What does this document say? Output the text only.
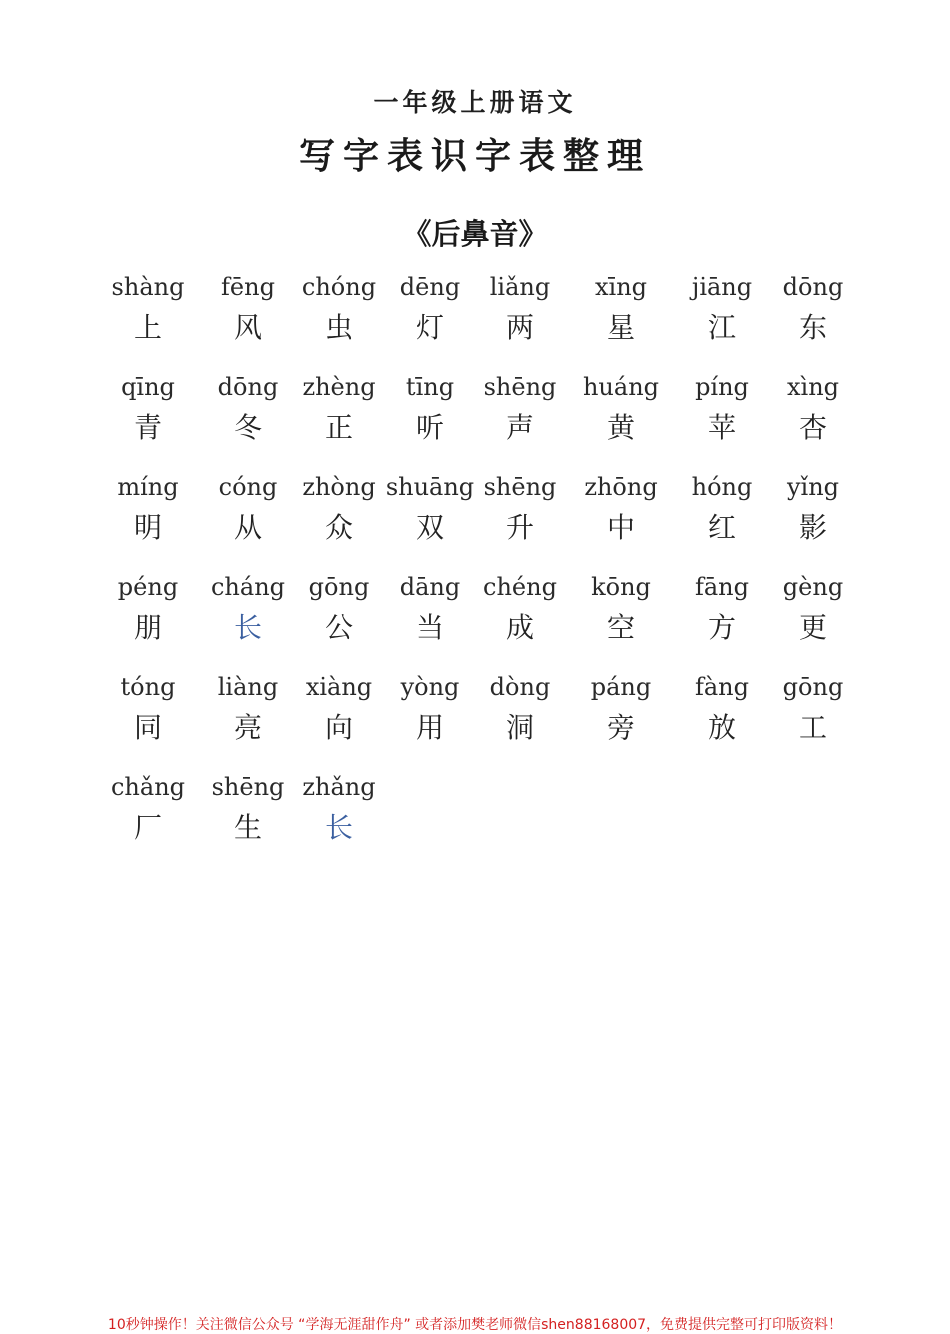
一年级上册语文
写字表识字表整理
《后鼻音》
shàng
上
fēng
风
chóng
虫
dēng
灯
liǎng
两
xīng
星
jiāng
江
dōng
东
qīng
青
dōng
冬
zhèng
正
tīng
听
shēng
声
huáng
黄
píng
苹
xìng
杏
míng
明
cóng
从
zhòng
众
shuāng
双
shēng
升
zhōng
中
hóng
红
yǐng
影
péng
朋
cháng
长
gōng
公
dāng
当
chéng
成
kōng
空
fāng
方
gèng
更
tóng
同
liàng
亮
xiàng
向
yòng
用
dòng
洞
páng
旁
fàng
放
gōng
工
chǎng
厂
shēng
生
zhǎng
长
10秒钟操作！关注微信公众号 “学海无涯甜作舟” 或者添加樊老师微信shen88168007，免费提供完整可打印版资料！
